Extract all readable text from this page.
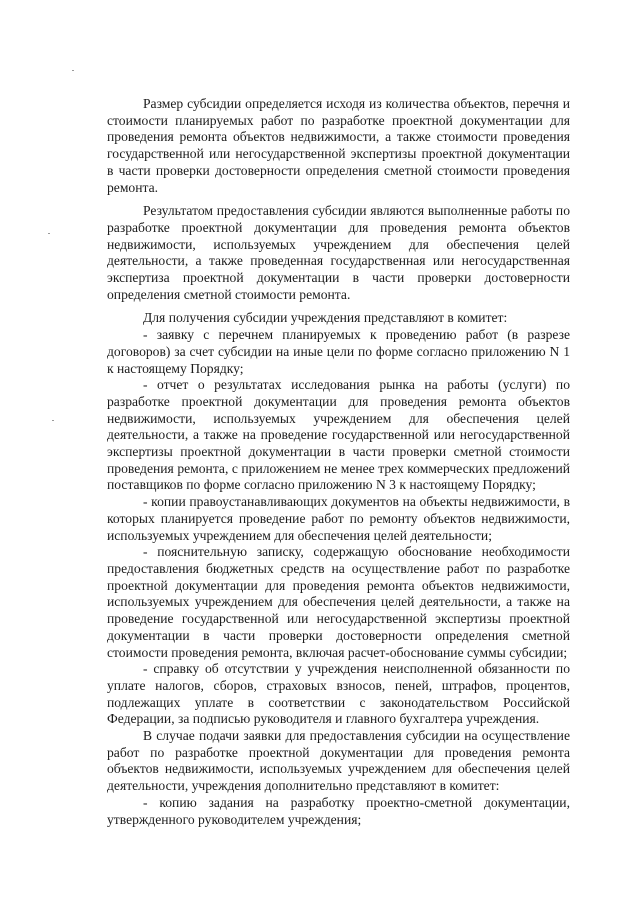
Размер субсидии определяется исходя из количества объектов, перечня и стоимости планируемых работ по разработке проектной документации для проведения ремонта объектов недвижимости, а также стоимости проведения государственной или негосударственной экспертизы проектной документации в части проверки достоверности определения сметной стоимости проведения ремонта.

Результатом предоставления субсидии являются выполненные работы по разработке проектной документации для проведения ремонта объектов недвижимости, используемых учреждением для обеспечения целей деятельности, а также проведенная государственная или негосударственная экспертиза проектной документации в части проверки достоверности определения сметной стоимости ремонта.

Для получения субсидии учреждения представляют в комитет:

- заявку с перечнем планируемых к проведению работ (в разрезе договоров) за счет субсидии на иные цели по форме согласно приложению N 1 к настоящему Порядку;

- отчет о результатах исследования рынка на работы (услуги) по разработке проектной документации для проведения ремонта объектов недвижимости, используемых учреждением для обеспечения целей деятельности, а также на проведение государственной или негосударственной экспертизы проектной документации в части проверки сметной стоимости проведения ремонта, с приложением не менее трех коммерческих предложений поставщиков по форме согласно приложению N 3 к настоящему Порядку;

- копии правоустанавливающих документов на объекты недвижимости, в которых планируется проведение работ по ремонту объектов недвижимости, используемых учреждением для обеспечения целей деятельности;

- пояснительную записку, содержащую обоснование необходимости предоставления бюджетных средств на осуществление работ по разработке проектной документации для проведения ремонта объектов недвижимости, используемых учреждением для обеспечения целей деятельности, а также на проведение государственной или негосударственной экспертизы проектной документации в части проверки достоверности определения сметной стоимости проведения ремонта, включая расчет-обоснование суммы субсидии;

- справку об отсутствии у учреждения неисполненной обязанности по уплате налогов, сборов, страховых взносов, пеней, штрафов, процентов, подлежащих уплате в соответствии с законодательством Российской Федерации, за подписью руководителя и главного бухгалтера учреждения.

В случае подачи заявки для предоставления субсидии на осуществление работ по разработке проектной документации для проведения ремонта объектов недвижимости, используемых учреждением для обеспечения целей деятельности, учреждения дополнительно представляют в комитет:

- копию задания на разработку проектно-сметной документации, утвержденного руководителем учреждения;
